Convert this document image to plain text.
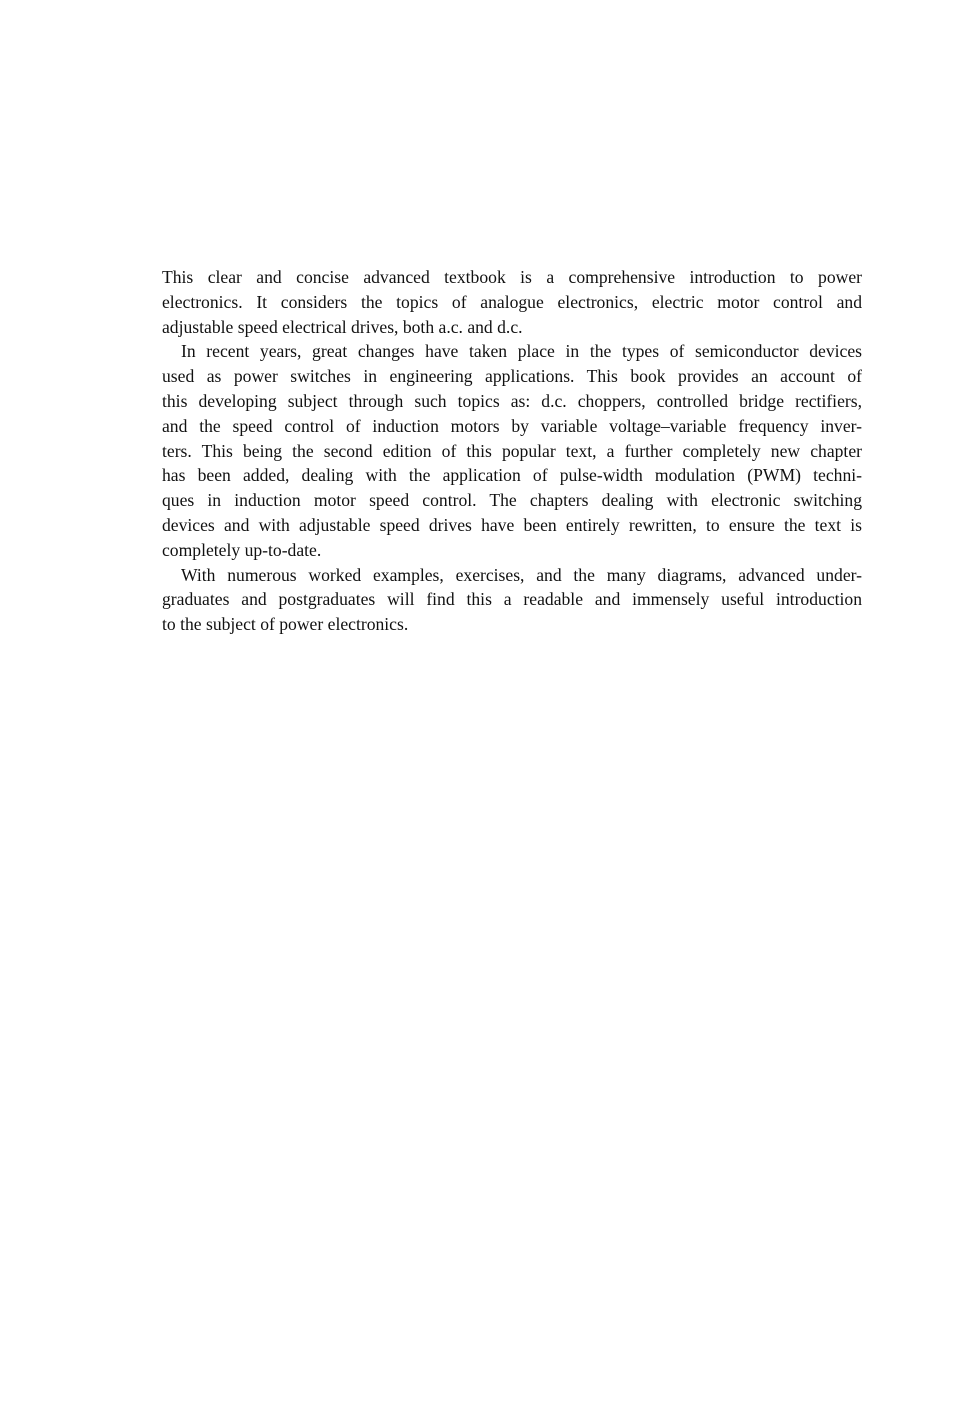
This clear and concise advanced textbook is a comprehensive introduction to power
electronics. It considers the topics of analogue electronics, electric motor control and
adjustable speed electrical drives, both a.c. and d.c.

In recent years, great changes have taken place in the types of semiconductor devices
used as power switches in engineering applications. This book provides an account of
this developing subject through such topics as: d.c. choppers, controlled bridge rectifiers,
and the speed control of induction motors by variable voltage–variable frequency inver-
ters. This being the second edition of this popular text, a further completely new chapter
has been added, dealing with the application of pulse-width modulation (PWM) techni-
ques in induction motor speed control. The chapters dealing with electronic switching
devices and with adjustable speed drives have been entirely rewritten, to ensure the text is
completely up-to-date.

With numerous worked examples, exercises, and the many diagrams, advanced under-
graduates and postgraduates will find this a readable and immensely useful introduction
to the subject of power electronics.
